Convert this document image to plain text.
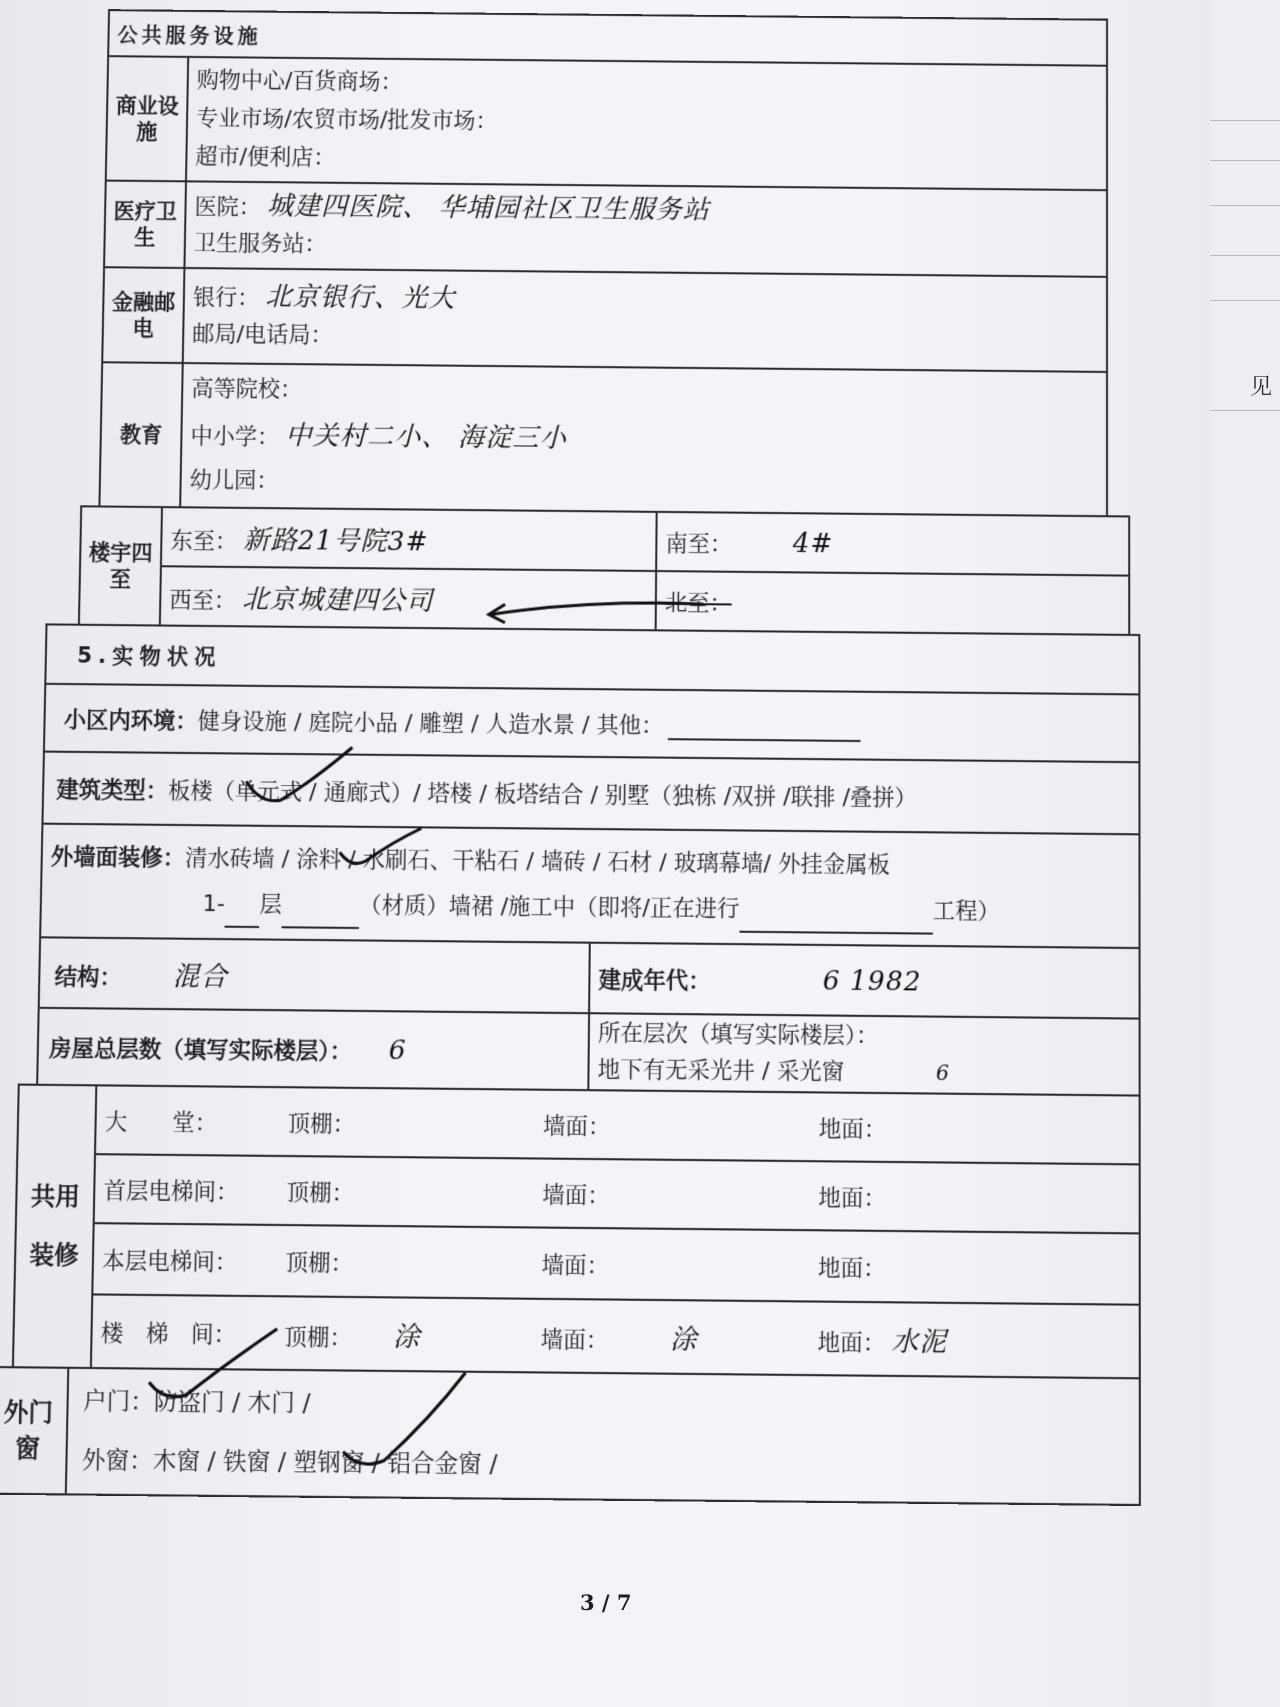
见
公共服务设施	
商业设施	购物中心/百货商场：
专业市场/农贸市场/批发市场：
超市/便利店：

医疗卫生	医院： 城建四医院、 华埔园社区卫生服务站
卫生服务站：

金融邮电	银行： 北京银行、光大
邮局/电话局：

教育	高等院校：
中小学： 中关村二小、 海淀三小
幼儿园：
楼宇四至	东至： 新路21号院3#	南至： 4#
	西至： 北京城建四公司	北至：
5.实物状况	
小区内环境：健身设施 / 庭院小品 / 雕塑 / 人造水景 / 其他：	
建筑类型：板楼（单元式 / 通廊式）/ 塔楼 / 板塔结合 / 别墅（独栋 /双拼 /联排 /叠拼）	

外墙面装修：清水砖墙 / 涂料 / 水刷石、干粘石 / 墙砖 / 石材 / 玻璃幕墙/ 外挂金属板
1- 层 （材质）墙裙 /施工中（即将/正在进行 工程）	

结构： 混合	建成年代： 6 1982
房屋总层数（填写实际楼层）： 6	所在层次（填写实际楼层）：
地下有无采光井 / 采光窗 6
共用装修	大　　堂：	顶棚：	墙面：	地面：
	首层电梯间：	顶棚：	墙面：	地面：
	本层电梯间：	顶棚：	墙面：	地面：
	楼　梯　间：	顶棚： 涂	墙面： 涂	地面： 水泥
外门窗	
户门：防盗门 / 木门 /
外窗：木窗 / 铁窗 / 塑钢窗 / 铝合金窗 /
3 / 7
